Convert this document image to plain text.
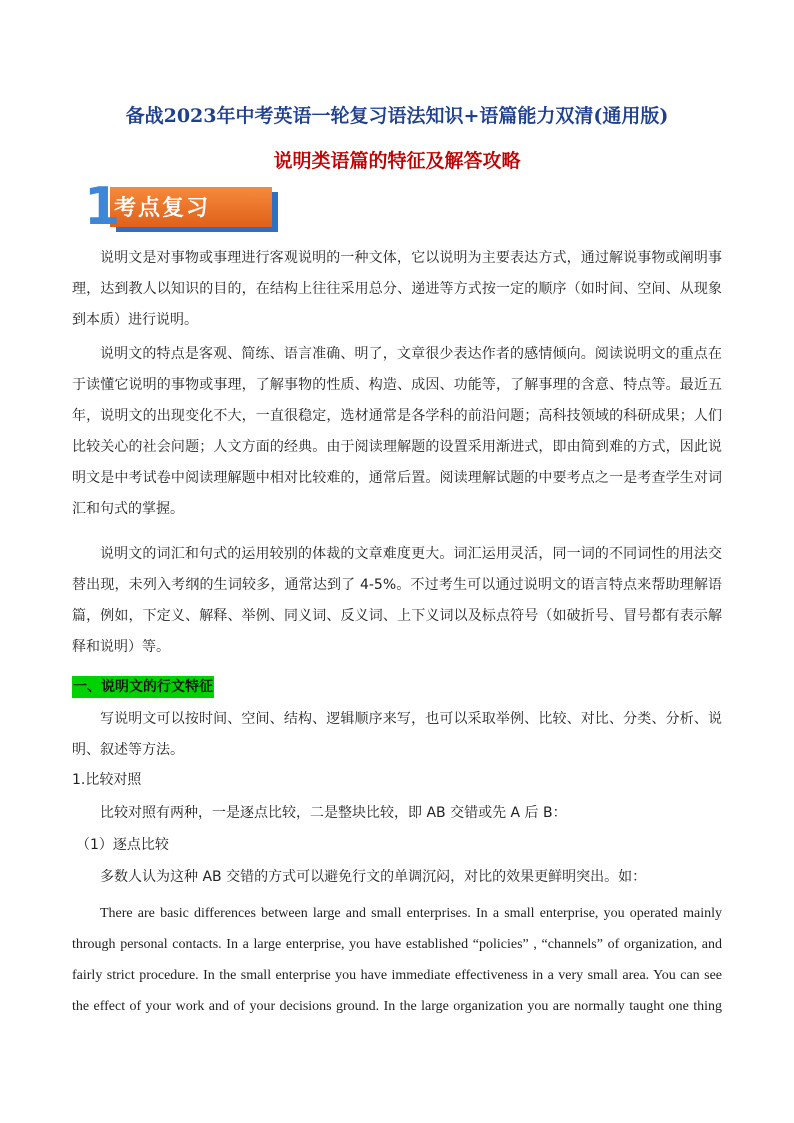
备战2023年中考英语一轮复习语法知识+语篇能力双清(通用版)
说明类语篇的特征及解答攻略
1
考点复习
说明文是对事物或事理进行客观说明的一种文体，它以说明为主要表达方式，通过解说事物或阐明事理，达到教人以知识的目的，在结构上往往采用总分、递进等方式按一定的顺序（如时间、空间、从现象到本质）进行说明。
说明文的特点是客观、简练、语言准确、明了，文章很少表达作者的感情倾向。阅读说明文的重点在于读懂它说明的事物或事理，了解事物的性质、构造、成因、功能等，了解事理的含意、特点等。最近五年，说明文的出现变化不大，一直很稳定，选材通常是各学科的前沿问题；高科技领域的科研成果；人们比较关心的社会问题；人文方面的经典。由于阅读理解题的设置采用渐进式，即由简到难的方式，因此说明文是中考试卷中阅读理解题中相对比较难的，通常后置。阅读理解试题的中要考点之一是考查学生对词汇和句式的掌握。
说明文的词汇和句式的运用较别的体裁的文章难度更大。词汇运用灵活，同一词的不同词性的用法交替出现，未列入考纲的生词较多，通常达到了 4-5%。不过考生可以通过说明文的语言特点来帮助理解语篇，例如，下定义、解释、举例、同义词、反义词、上下义词以及标点符号（如破折号、冒号都有表示解释和说明）等。
一、说明文的行文特征
写说明文可以按时间、空间、结构、逻辑顺序来写，也可以采取举例、比较、对比、分类、分析、说明、叙述等方法。
1.比较对照
比较对照有两种，一是逐点比较，二是整块比较，即 AB 交错或先 A 后 B：
（1）逐点比较
多数人认为这种 AB 交错的方式可以避免行文的单调沉闷，对比的效果更鲜明突出。如：
There are basic differences between large and small enterprises. In a small enterprise, you operated mainly through personal contacts. In a large enterprise, you have established “policies” , “channels” of organization, and fairly strict procedure. In the small enterprise you have immediate effectiveness in a very small area. You can see the effect of your work and of your decisions ground. In the large organization you are normally taught one thing
